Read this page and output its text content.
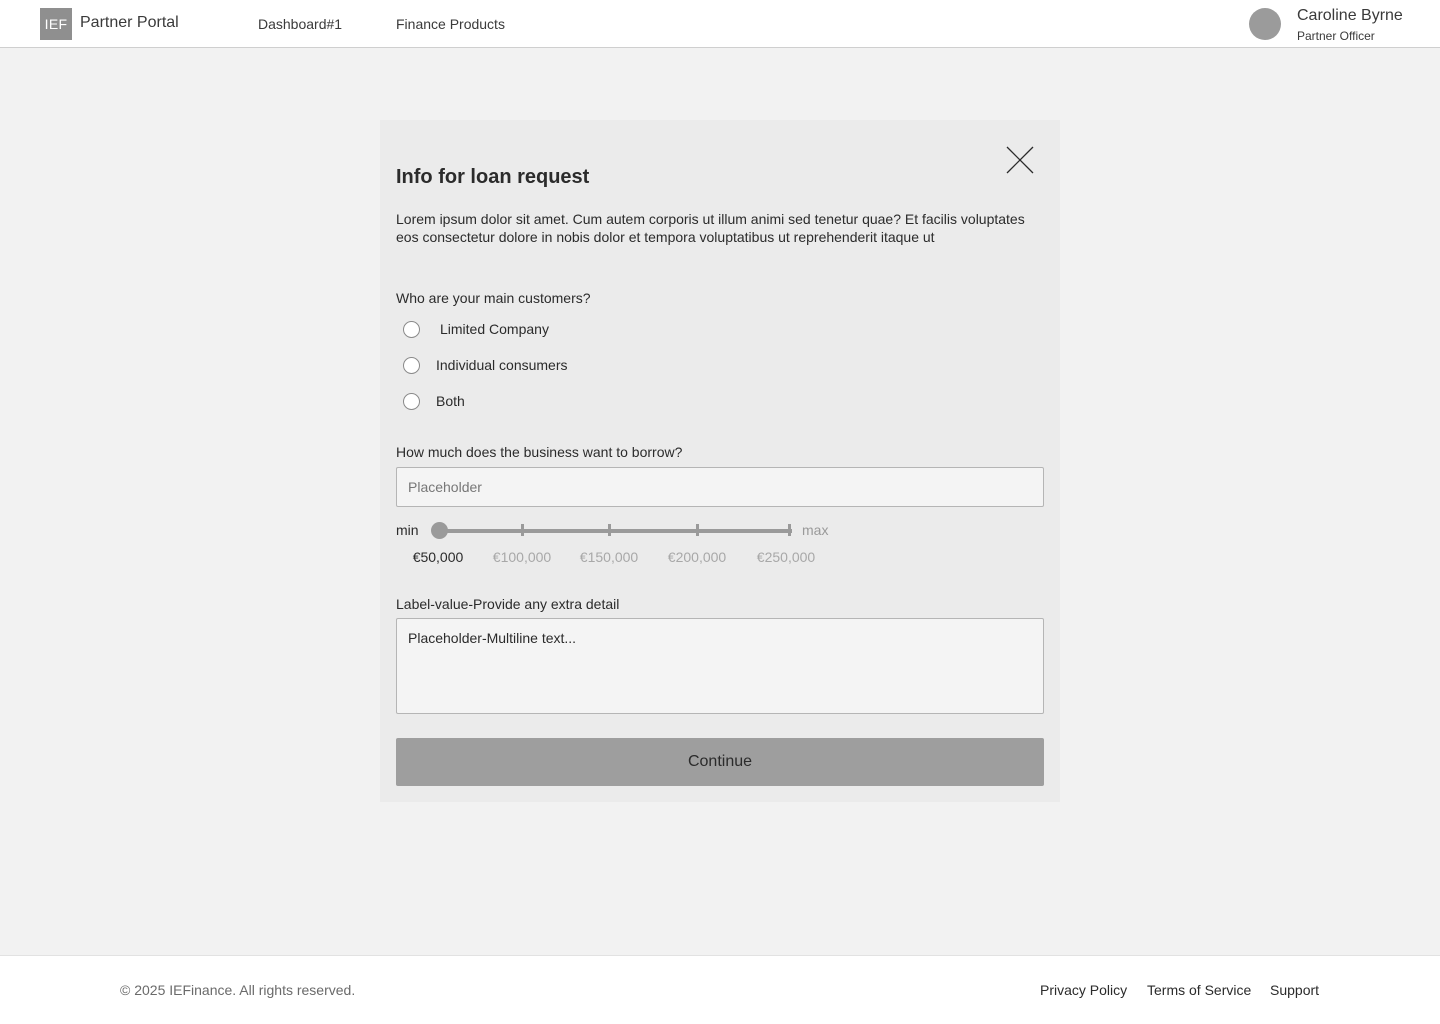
IEF Partner Portal	Dashboard#1	Finance Products	Caroline Byrne
Partner Officer
Info for loan request

Lorem ipsum dolor sit amet. Cum autem corporis ut illum animi sed tenetur quae? Et facilis voluptates eos consectetur dolore in nobis dolor et tempora voluptatibus ut reprehenderit itaque ut

Who are your main customers?
Limited Company
Individual consumers
Both
How much does the business want to borrow?
Placeholder
min	max
€50,000	€100,000	€150,000	€200,000	€250,000
Label-value-Provide any extra detail
Placeholder-Multiline text...
Continue
© 2025 IEFinance. All rights reserved.	Privacy Policy Terms of Service Support
